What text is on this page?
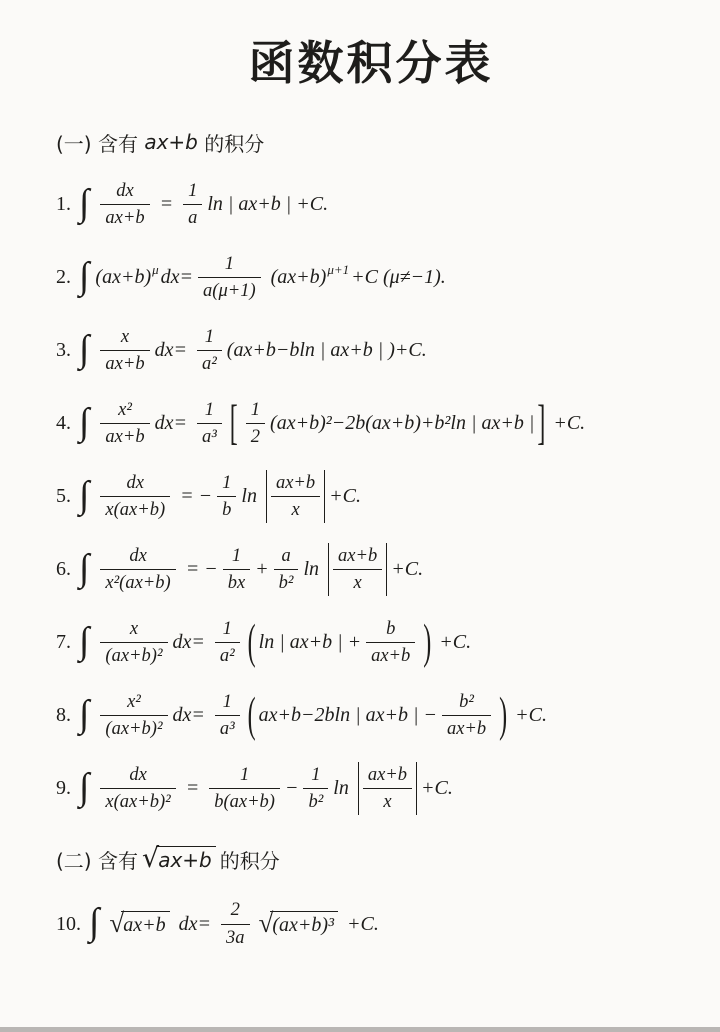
函数积分表
(一) 含有 ax+b 的积分
1. ∫ $\frac{dx}{ax+b} = \frac{1}{a}$ ln | ax+b | +C.
2. ∫ (ax+b) μ $dx= \frac{1}{a(\mu+1)} (ax+b)$ μ+1 +C (μ≠−1).
3. ∫ $\frac{x}{ax+b} dx= \frac{1}{\text{a²}} (ax+b-bln$ | ax+b | )+C.
4. ∫ $\frac{\text{x²}}{ax+b} dx= \frac{1}{\text{a³}}$ [ $\frac{1}{2} (ax+b)^2-2b(ax+b)+b^2\ln$ | ax+b | ] +C.
5. ∫ $\frac{dx}{x(ax+b)}$ = − $\frac{1}{b}$ $\ln \frac{ax+b}{x} +C$.
6. ∫ $\frac{dx}{\text{x²(ax+b)}}$ = − $\frac{1}{bx} + \frac{a}{\text{b²}}$ $\ln \frac{ax+b}{x} +C$.
7. ∫ $\frac{x}{\text{(ax+b)²}} dx= \frac{1}{\text{a²}}$ ( ln | ax+b | + $\frac{b}{ax+b}$ ) +C.
8. ∫ $\frac{\text{x²}}{\text{(ax+b)²}} dx= \frac{1}{\text{a³}}$ ( ax+b−2bln | ax+b | − $\frac{\text{b²}}{ax+b}$ ) +C.
9. ∫ $\frac{dx}{\text{x(ax+b)²}} = \frac{1}{b(ax+b)} - \frac{1}{\text{b²}}$ $\ln \frac{ax+b}{x} +C$.
(二) 含有 √ ax+b 的积分
10. ∫ √ ax+b $dx= \frac{2}{3a}$ √ (ax+b)³ +C.
